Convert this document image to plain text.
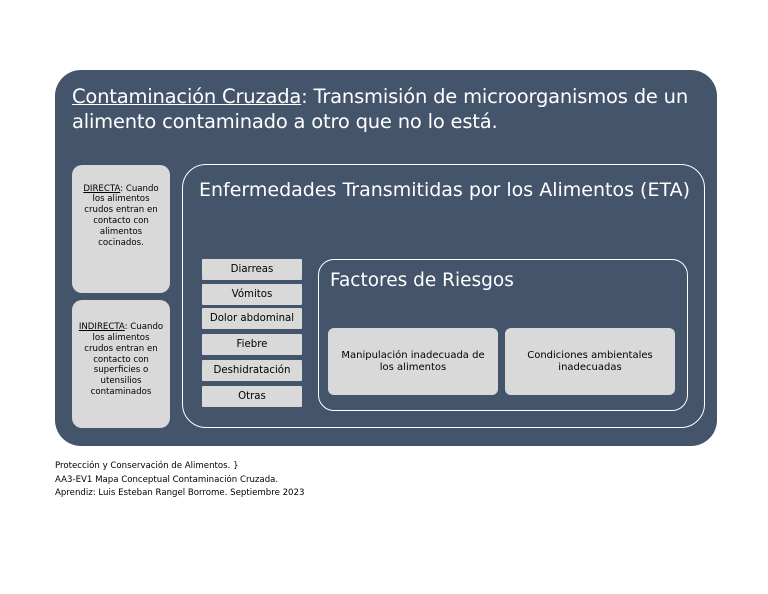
Contaminación Cruzada: Transmisión de microorganismos de un alimento contaminado a otro que no lo está.
DIRECTA: Cuando los alimentos crudos entran en contacto con alimentos cocinados.
INDIRECTA: Cuando los alimentos crudos entran en contacto con superficies o utensilios contaminados
Enfermedades Transmitidas por los Alimentos (ETA)
Diarreas
Vómitos
Dolor abdominal
Fiebre
Deshidratación
Otras
Factores de Riesgos
Manipulación inadecuada de los alimentos
Condiciones ambientales inadecuadas
Protección y Conservación de Alimentos. }
AA3-EV1 Mapa Conceptual Contaminación Cruzada.
Aprendiz: Luis Esteban Rangel Borrome. Septiembre 2023
